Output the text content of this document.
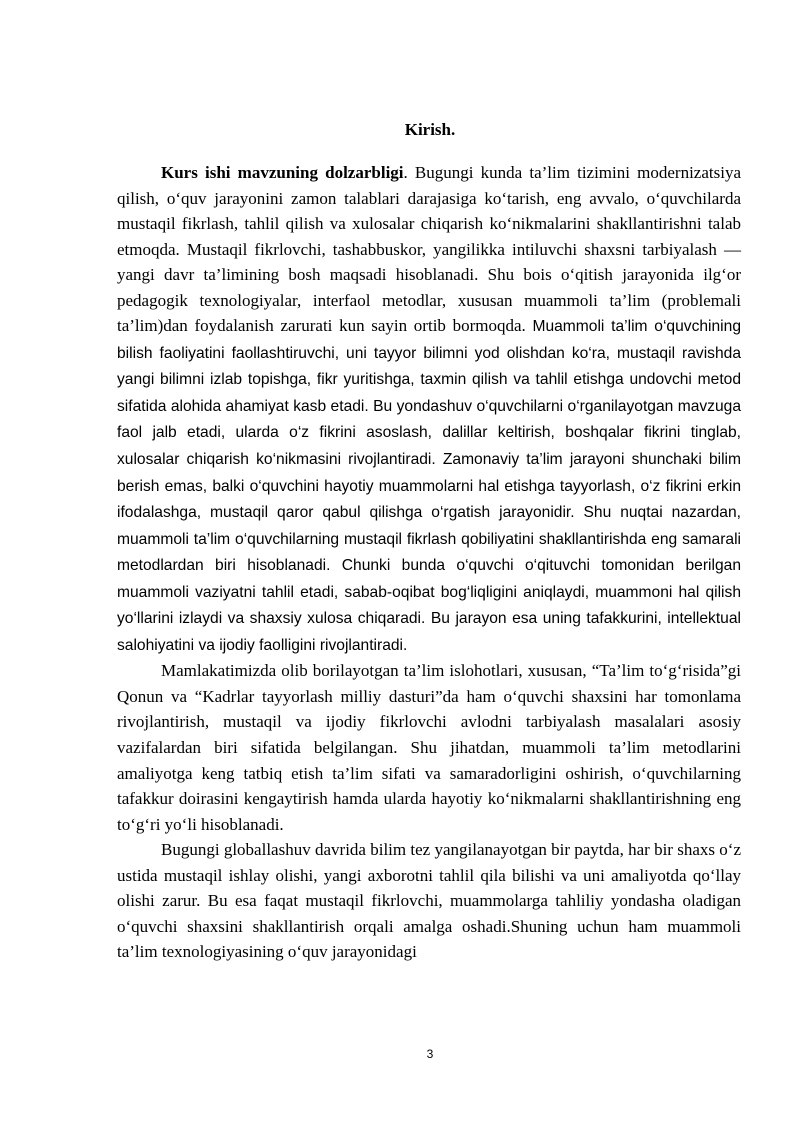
Kirish.

Kurs ishi mavzuning dolzarbligi. Bugungi kunda ta’lim tizimini modernizatsiya qilish, oʻquv jarayonini zamon talablari darajasiga koʻtarish, eng avvalo, oʻquvchilarda mustaqil fikrlash, tahlil qilish va xulosalar chiqarish koʻnikmalarini shakllantirishni talab etmoqda. Mustaqil fikrlovchi, tashabbuskor, yangilikka intiluvchi shaxsni tarbiyalash — yangi davr ta’limining bosh maqsadi hisoblanadi. Shu bois oʻqitish jarayonida ilgʻor pedagogik texnologiyalar, interfaol metodlar, xususan muammoli ta’lim (problemali ta’lim)dan foydalanish zarurati kun sayin ortib bormoqda. Muammoli ta’lim o‘quvchining bilish faoliyatini faollashtiruvchi, uni tayyor bilimni yod olishdan ko‘ra, mustaqil ravishda yangi bilimni izlab topishga, fikr yuritishga, taxmin qilish va tahlil etishga undovchi metod sifatida alohida ahamiyat kasb etadi. Bu yondashuv o‘quvchilarni o‘rganilayotgan mavzuga faol jalb etadi, ularda o‘z fikrini asoslash, dalillar keltirish, boshqalar fikrini tinglab, xulosalar chiqarish ko‘nikmasini rivojlantiradi. Zamonaviy ta’lim jarayoni shunchaki bilim berish emas, balki o‘quvchini hayotiy muammolarni hal etishga tayyorlash, o‘z fikrini erkin ifodalashga, mustaqil qaror qabul qilishga o‘rgatish jarayonidir. Shu nuqtai nazardan, muammoli ta’lim o‘quvchilarning mustaqil fikrlash qobiliyatini shakllantirishda eng samarali metodlardan biri hisoblanadi. Chunki bunda o‘quvchi o‘qituvchi tomonidan berilgan muammoli vaziyatni tahlil etadi, sabab-oqibat bog‘liqligini aniqlaydi, muammoni hal qilish yo‘llarini izlaydi va shaxsiy xulosa chiqaradi. Bu jarayon esa uning tafakkurini, intellektual salohiyatini va ijodiy faolligini rivojlantiradi.

Mamlakatimizda olib borilayotgan ta’lim islohotlari, xususan, “Ta’lim toʻgʻrisida”gi Qonun va “Kadrlar tayyorlash milliy dasturi”da ham oʻquvchi shaxsini har tomonlama rivojlantirish, mustaqil va ijodiy fikrlovchi avlodni tarbiyalash masalalari asosiy vazifalardan biri sifatida belgilangan. Shu jihatdan, muammoli ta’lim metodlarini amaliyotga keng tatbiq etish ta’lim sifati va samaradorligini oshirish, oʻquvchilarning tafakkur doirasini kengaytirish hamda ularda hayotiy koʻnikmalarni shakllantirishning eng toʻgʻri yoʻli hisoblanadi.

Bugungi globallashuv davrida bilim tez yangilanayotgan bir paytda, har bir shaxs oʻz ustida mustaqil ishlay olishi, yangi axborotni tahlil qila bilishi va uni amaliyotda qoʻllay olishi zarur. Bu esa faqat mustaqil fikrlovchi, muammolarga tahliliy yondasha oladigan oʻquvchi shaxsini shakllantirish orqali amalga oshadi.Shuning uchun ham muammoli ta’lim texnologiyasining oʻquv jarayonidagi

3
